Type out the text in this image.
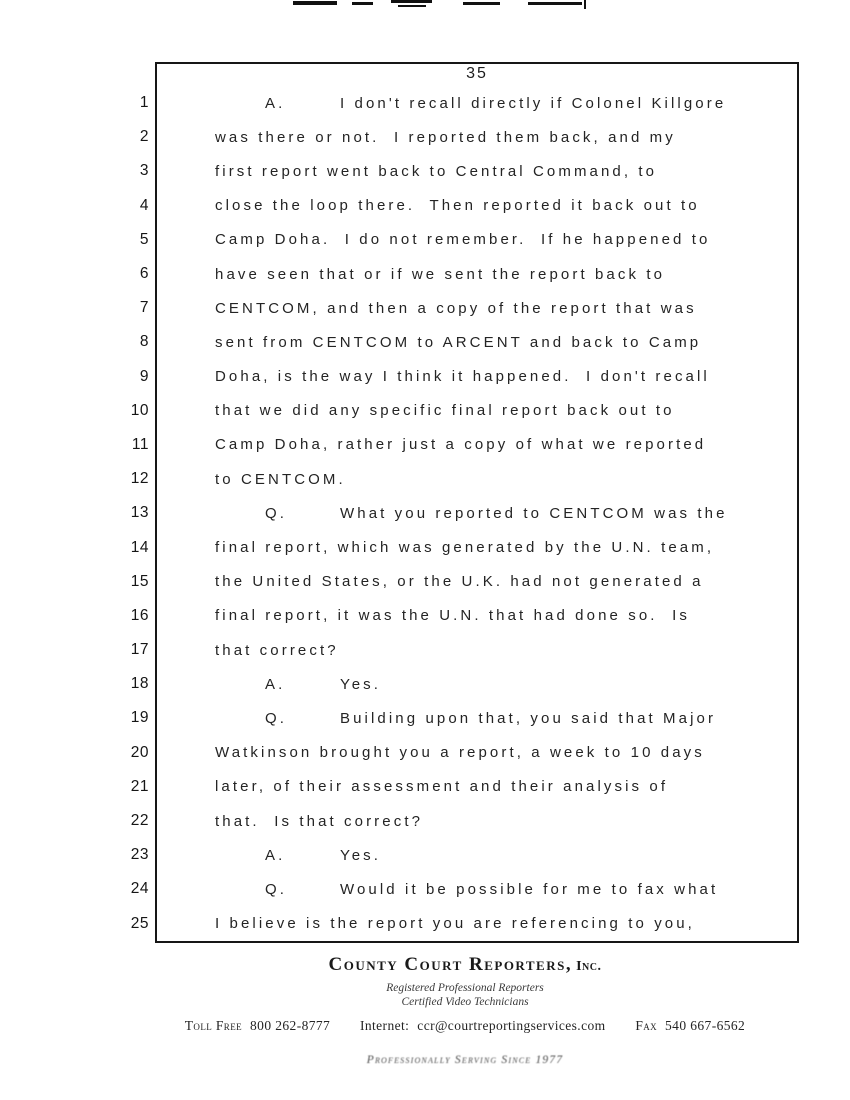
35
1	A.	I don't recall directly if Colonel Killgore
2	was there or not.  I reported them back, and my
3	first report went back to Central Command, to
4	close the loop there.  Then reported it back out to
5	Camp Doha.  I do not remember.  If he happened to
6	have seen that or if we sent the report back to
7	CENTCOM, and then a copy of the report that was
8	sent from CENTCOM to ARCENT and back to Camp
9	Doha, is the way I think it happened.  I don't recall
10	that we did any specific final report back out to
11	Camp Doha, rather just a copy of what we reported
12	to CENTCOM.
13	Q.	What you reported to CENTCOM was the
14	final report, which was generated by the U.N. team,
15	the United States, or the U.K. had not generated a
16	final report, it was the U.N. that had done so.  Is
17	that correct?
18	A.	Yes.
19	Q.	Building upon that, you said that Major
20	Watkinson brought you a report, a week to 10 days
21	later, of their assessment and their analysis of
22	that.  Is that correct?
23	A.	Yes.
24	Q.	Would it be possible for me to fax what
25	I believe is the report you are referencing to you,
County Court Reporters, Inc.
Registered Professional Reporters
Certified Video Technicians
Toll Free 800 262-8777 Internet: ccr@courtreportingservices.com Fax 540 667-6562
Professionally Serving Since 1977
